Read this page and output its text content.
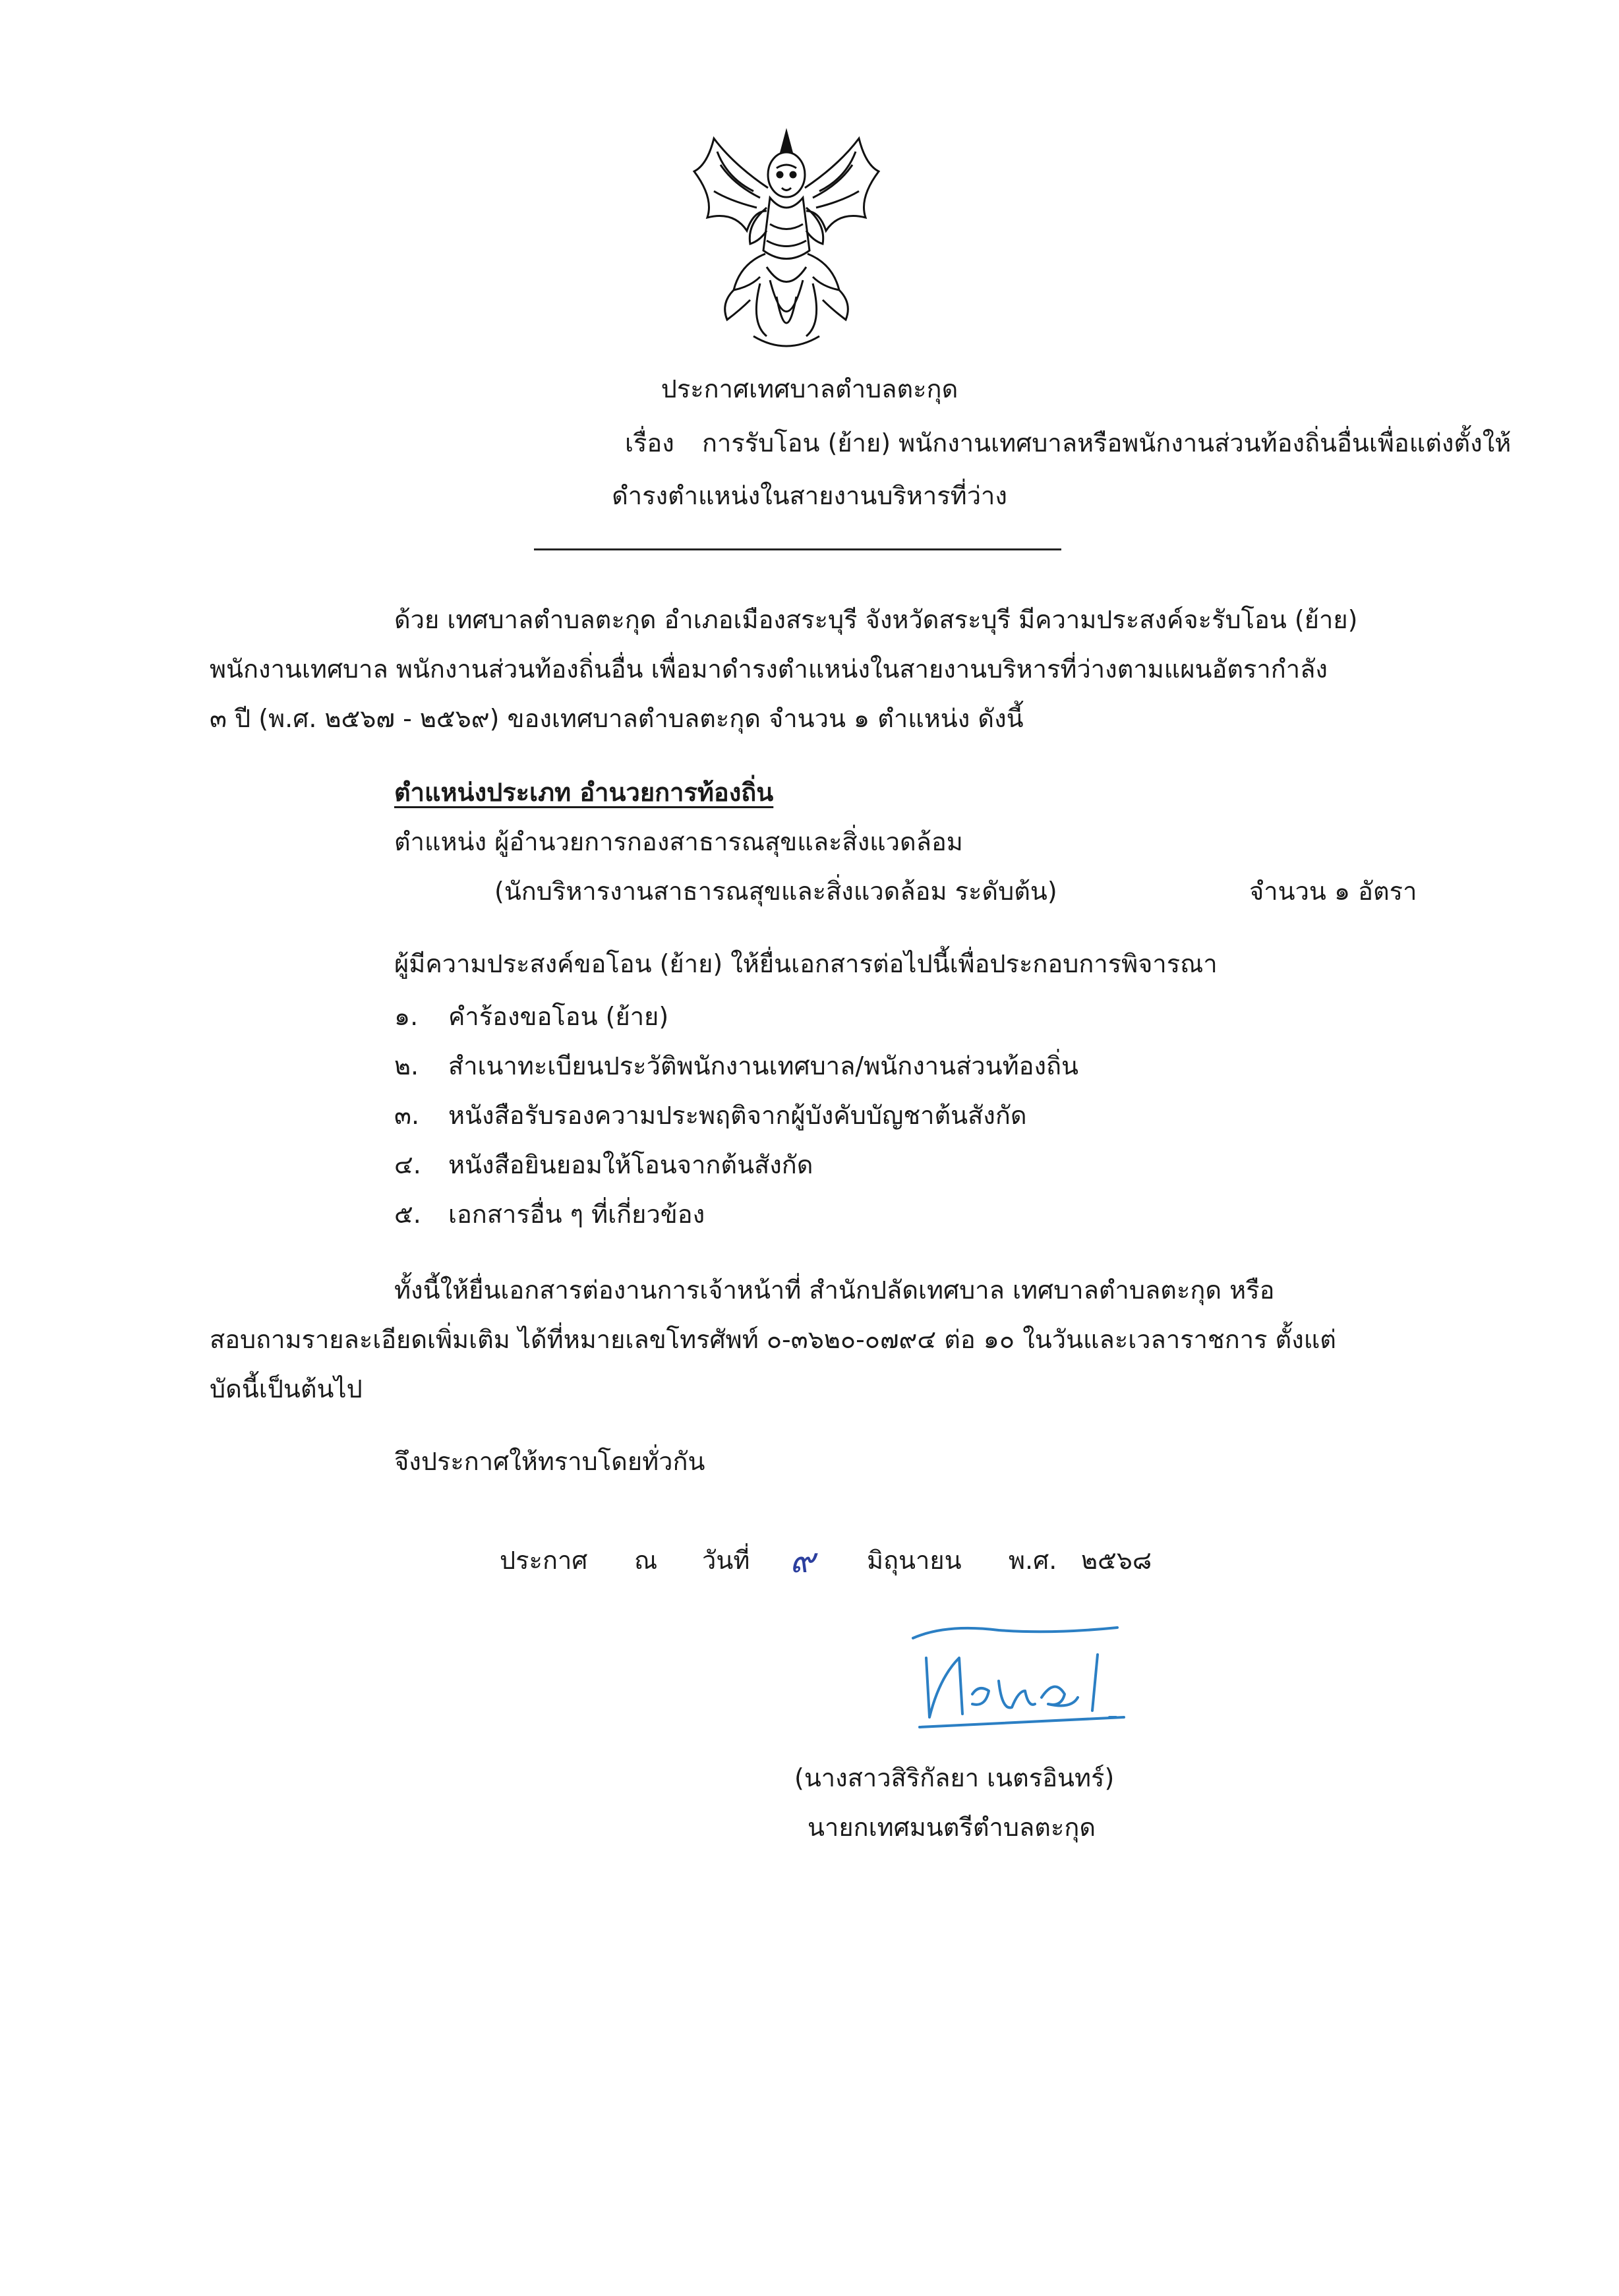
ประกาศเทศบาลตำบลตะกุด
เรื่อง การรับโอน (ย้าย) พนักงานเทศบาลหรือพนักงานส่วนท้องถิ่นอื่นเพื่อแต่งตั้งให้
ดำรงตำแหน่งในสายงานบริหารที่ว่าง
ด้วย เทศบาลตำบลตะกุด อำเภอเมืองสระบุรี จังหวัดสระบุรี มีความประสงค์จะรับโอน (ย้าย)
พนักงานเทศบาล พนักงานส่วนท้องถิ่นอื่น เพื่อมาดำรงตำแหน่งในสายงานบริหารที่ว่างตามแผนอัตรากำลัง
๓ ปี (พ.ศ. ๒๕๖๗ - ๒๕๖๙) ของเทศบาลตำบลตะกุด จำนวน ๑ ตำแหน่ง ดังนี้
ตำแหน่งประเภท อำนวยการท้องถิ่น
ตำแหน่ง ผู้อำนวยการกองสาธารณสุขและสิ่งแวดล้อม
(นักบริหารงานสาธารณสุขและสิ่งแวดล้อม ระดับต้น)	จำนวน ๑ อัตรา
ผู้มีความประสงค์ขอโอน (ย้าย) ให้ยื่นเอกสารต่อไปนี้เพื่อประกอบการพิจารณา
๑. คำร้องขอโอน (ย้าย)
๒. สำเนาทะเบียนประวัติพนักงานเทศบาล/พนักงานส่วนท้องถิ่น
๓. หนังสือรับรองความประพฤติจากผู้บังคับบัญชาต้นสังกัด
๔. หนังสือยินยอมให้โอนจากต้นสังกัด
๕. เอกสารอื่น ๆ ที่เกี่ยวข้อง
ทั้งนี้ให้ยื่นเอกสารต่องานการเจ้าหน้าที่ สำนักปลัดเทศบาล เทศบาลตำบลตะกุด หรือ
สอบถามรายละเอียดเพิ่มเติม ได้ที่หมายเลขโทรศัพท์ ๐-๓๖๒๐-๐๗๙๔ ต่อ ๑๐ ในวันและเวลาราชการ ตั้งแต่
บัดนี้เป็นต้นไป
จึงประกาศให้ทราบโดยทั่วกัน
ประกาศ ณ วันที่ ๙ มิถุนายน พ.ศ. ๒๕๖๘
(นางสาวสิริกัลยา เนตรอินทร์)
นายกเทศมนตรีตำบลตะกุด
